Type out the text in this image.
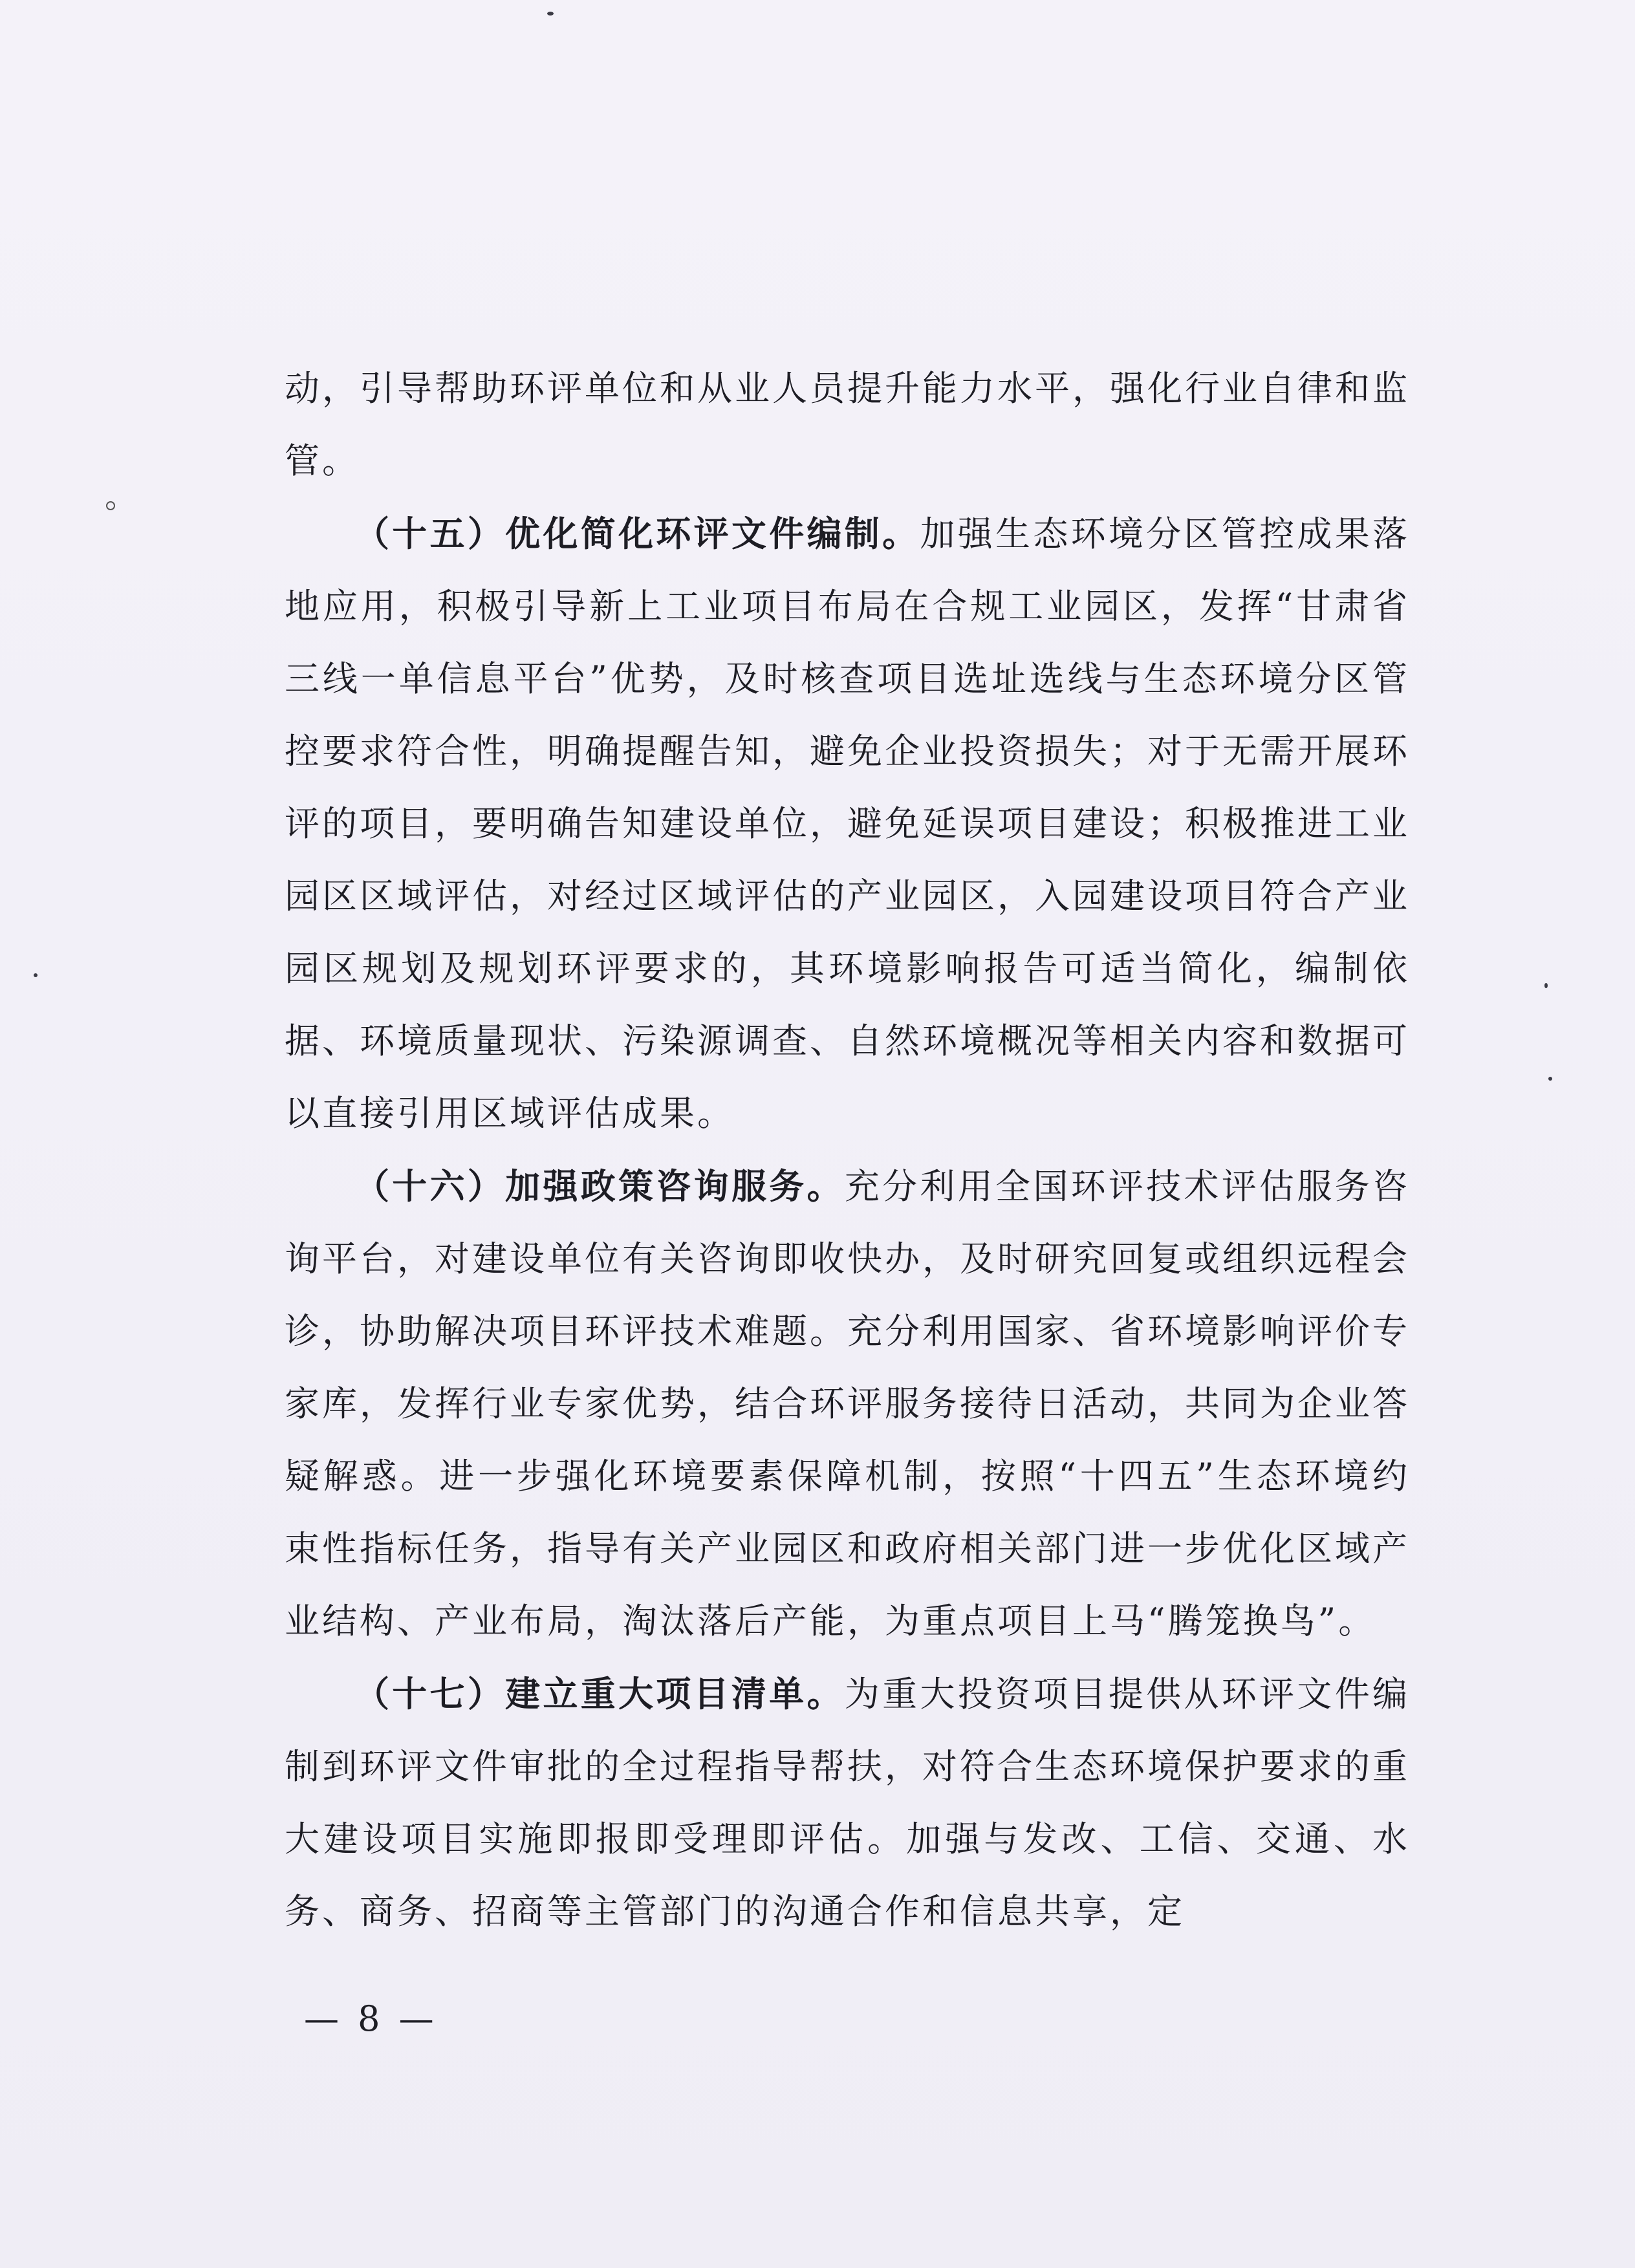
动，引导帮助环评单位和从业人员提升能力水平，强化行业自律和监管。

（十五）优化简化环评文件编制。加强生态环境分区管控成果落地应用，积极引导新上工业项目布局在合规工业园区，发挥“甘肃省三线一单信息平台”优势，及时核查项目选址选线与生态环境分区管控要求符合性，明确提醒告知，避免企业投资损失；对于无需开展环评的项目，要明确告知建设单位，避免延误项目建设；积极推进工业园区区域评估，对经过区域评估的产业园区，入园建设项目符合产业园区规划及规划环评要求的，其环境影响报告可适当简化，编制依据、环境质量现状、污染源调查、自然环境概况等相关内容和数据可以直接引用区域评估成果。

（十六）加强政策咨询服务。充分利用全国环评技术评估服务咨询平台，对建设单位有关咨询即收快办，及时研究回复或组织远程会诊，协助解决项目环评技术难题。充分利用国家、省环境影响评价专家库，发挥行业专家优势，结合环评服务接待日活动，共同为企业答疑解惑。进一步强化环境要素保障机制，按照“十四五”生态环境约束性指标任务，指导有关产业园区和政府相关部门进一步优化区域产业结构、产业布局，淘汰落后产能，为重点项目上马“腾笼换鸟”。

（十七）建立重大项目清单。为重大投资项目提供从环评文件编制到环评文件审批的全过程指导帮扶，对符合生态环境保护要求的重大建设项目实施即报即受理即评估。加强与发改、工信、交通、水务、商务、招商等主管部门的沟通合作和信息共享，定

— 8 —
